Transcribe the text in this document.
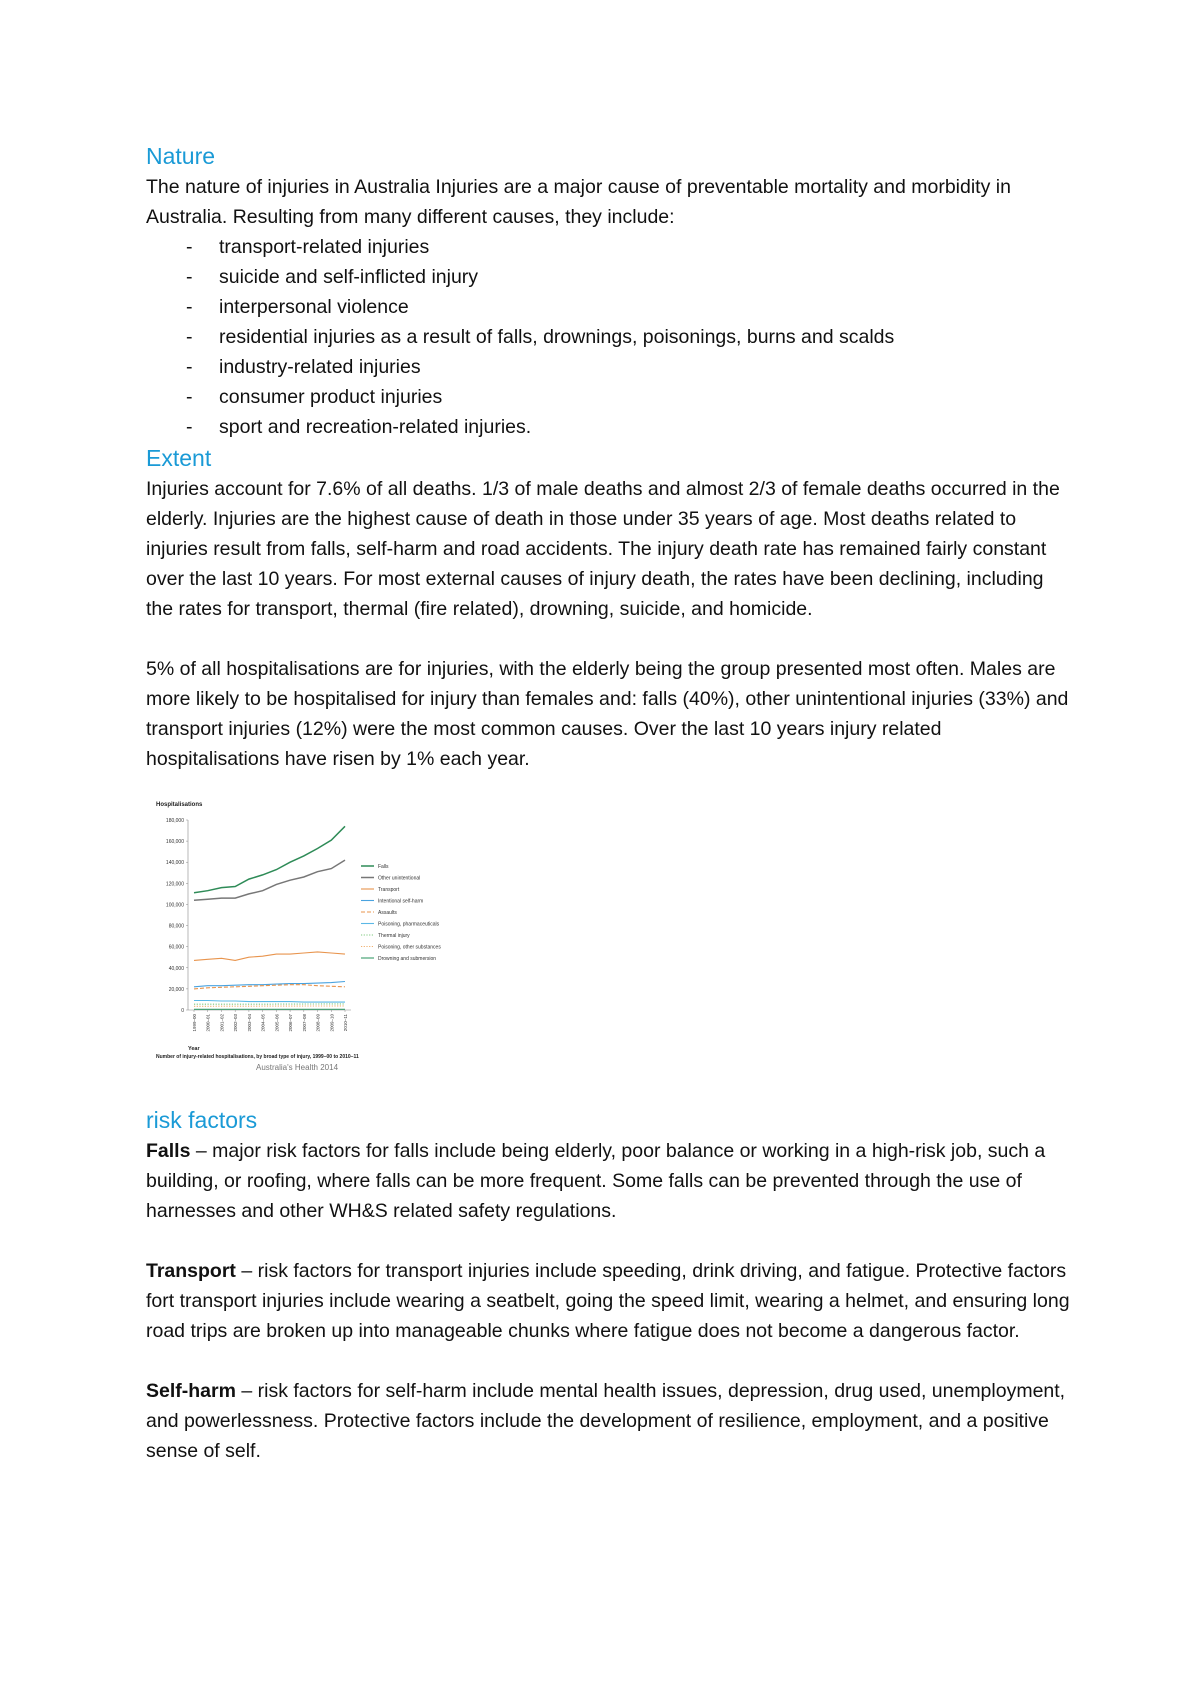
Nature

The nature of injuries in Australia Injuries are a major cause of preventable mortality and morbidity in Australia. Resulting from many different causes, they include:

- transport-related injuries
- suicide and self-inflicted injury
- interpersonal violence
- residential injuries as a result of falls, drownings, poisonings, burns and scalds
- industry-related injuries
- consumer product injuries
- sport and recreation-related injuries.
Extent

Injuries account for 7.6% of all deaths. 1/3 of male deaths and almost 2/3 of female deaths occurred in the elderly. Injuries are the highest cause of death in those under 35 years of age. Most deaths related to injuries result from falls, self-harm and road accidents. The injury death rate has remained fairly constant over the last 10 years. For most external causes of injury death, the rates have been declining, including the rates for transport, thermal (fire related), drowning, suicide, and homicide.

5% of all hospitalisations are for injuries, with the elderly being the group presented most often. Males are more likely to be hospitalised for injury than females and: falls (40%), other unintentional injuries (33%) and transport injuries (12%) were the most common causes. Over the last 10 years injury related hospitalisations have risen by 1% each year.

Hospitalisations
0
20,000
40,000
60,000
80,000
100,000
120,000
140,000
160,000
180,000
1999–00 2000–01 2001–02 2002–03 2003–04 2004–05 2005–06 2006–07 2007–08 2008–09 2009–10 2010–11
Year
Falls
Other unintentional
Transport
Intentional self-harm
Assaults
Poisoning, pharmaceuticals
Thermal injury
Poisoning, other substances
Drowning and submersion
Number of injury-related hospitalisations, by broad type of injury, 1999–00 to 2010–11
Australia's Health 2014
risk factors

Falls – major risk factors for falls include being elderly, poor balance or working in a high-risk job, such a building, or roofing, where falls can be more frequent. Some falls can be prevented through the use of harnesses and other WH&S related safety regulations.

Transport – risk factors for transport injuries include speeding, drink driving, and fatigue. Protective factors fort transport injuries include wearing a seatbelt, going the speed limit, wearing a helmet, and ensuring long road trips are broken up into manageable chunks where fatigue does not become a dangerous factor.

Self-harm – risk factors for self-harm include mental health issues, depression, drug used, unemployment, and powerlessness. Protective factors include the development of resilience, employment, and a positive sense of self.
